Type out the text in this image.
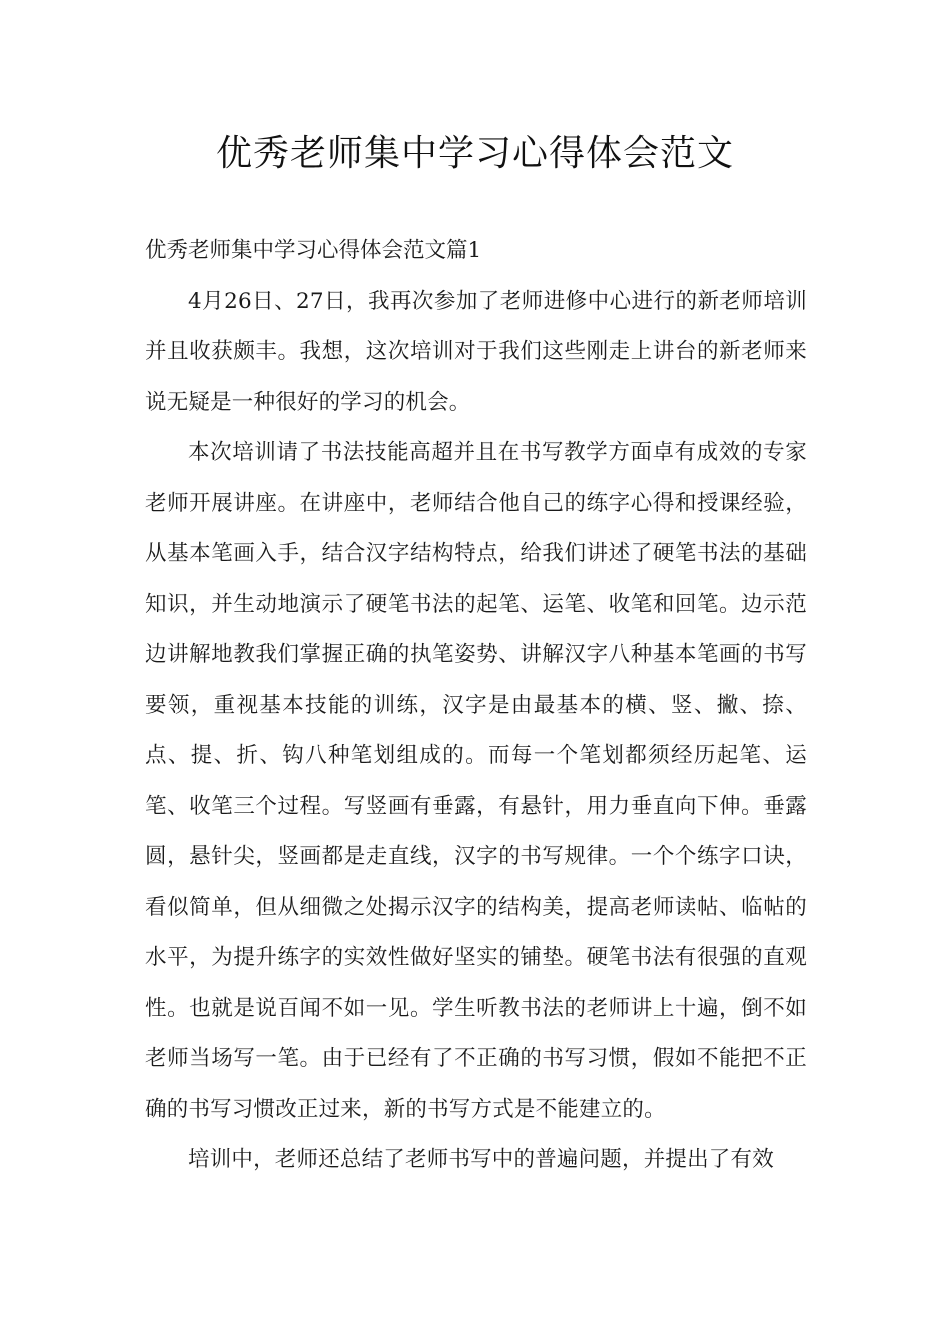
优秀老师集中学习心得体会范文
优秀老师集中学习心得体会范文篇1

4月26日、27日，我再次参加了老师进修中心进行的新老师培训并且收获颇丰。我想，这次培训对于我们这些刚走上讲台的新老师来说无疑是一种很好的学习的机会。

本次培训请了书法技能高超并且在书写教学方面卓有成效的专家老师开展讲座。在讲座中，老师结合他自己的练字心得和授课经验，从基本笔画入手，结合汉字结构特点，给我们讲述了硬笔书法的基础知识，并生动地演示了硬笔书法的起笔、运笔、收笔和回笔。边示范边讲解地教我们掌握正确的执笔姿势、讲解汉字八种基本笔画的书写要领，重视基本技能的训练，汉字是由最基本的横、竖、撇、捺、点、提、折、钩八种笔划组成的。而每一个笔划都须经历起笔、运笔、收笔三个过程。写竖画有垂露，有悬针，用力垂直向下伸。垂露圆，悬针尖，竖画都是走直线，汉字的书写规律。一个个练字口诀，看似简单，但从细微之处揭示汉字的结构美，提高老师读帖、临帖的水平，为提升练字的实效性做好坚实的铺垫。硬笔书法有很强的直观性。也就是说百闻不如一见。学生听教书法的老师讲上十遍，倒不如老师当场写一笔。由于已经有了不正确的书写习惯，假如不能把不正确的书写习惯改正过来，新的书写方式是不能建立的。

培训中，老师还总结了老师书写中的普遍问题，并提出了有效
